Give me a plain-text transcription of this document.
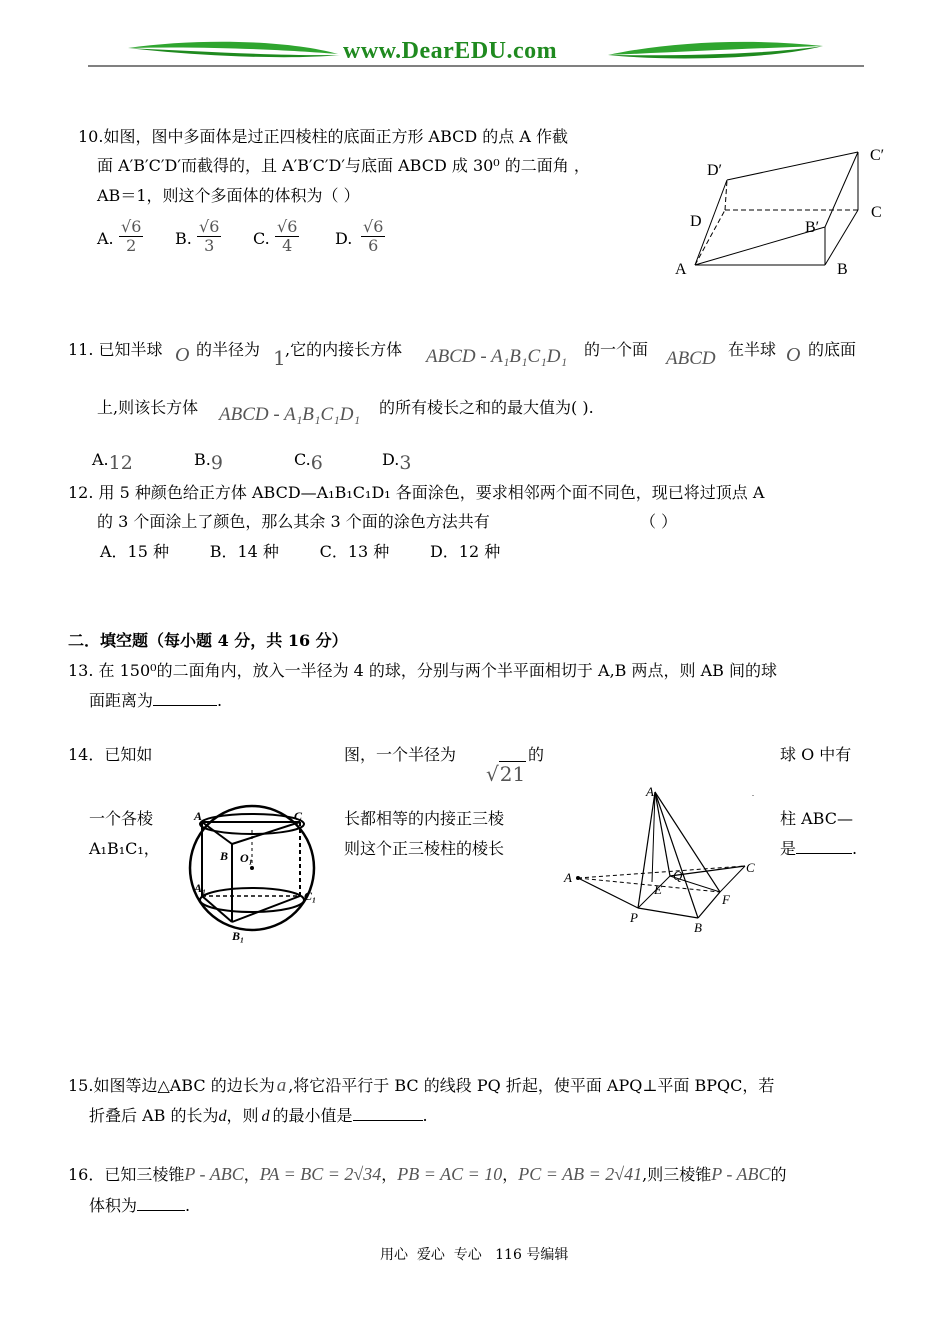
www.DearEDU.com
10.如图，图中多面体是过正四棱柱的底面正方形 ABCD 的点 A 作截
面 A′B′C′D′而截得的，且 A′B′C′D′与底面 ABCD 成 30⁰ 的二面角 ，
AB＝1，则这个多面体的体积为（ ）
A. $\frac{√6}{2} B$. $\frac{√6}{3} C$. $\frac{√6}{4} D$. $\frac{√6}{6}$
D′
C′
D
C
B′
A	B
11. 已知半球 O 的半径为 1 ,它的内接长方体 ABCD - A₁B₁C₁D₁ 的一个面 ABCD 在半球 O 的底面
上,则该长方体 ABCD - A₁B₁C₁D₁ 的所有棱长之和的最大值为( ).
A.12	B.9	C.6	D.3
12. 用 5 种颜色给正方体 ABCD—A₁B₁C₁D₁ 各面涂色，要求相邻两个面不同色，现已将过顶点 A
的 3 个面涂上了颜色，那么其余 3 个面的涂色方法共有	（ ）
A．15 种        B．14 种        C．13 种        D．12 种
二．填空题（每小题 4 分，共 16 分）
13. 在 150⁰的二面角内，放入一半径为 4 的球，分别与两个半平面相切于 A,B 两点，则 AB 间的球
面距离为	.
14．已知如	图，一个半径为
√21
的	球 O 中有
一个各棱	长都相等的内接正三棱	柱 ABC—
A₁B₁C₁，	则这个正三棱柱的棱长	是	.
A	C
B O₁
A₁
C₁
B₁
A
A
C
Q
E
F
P
B
.
15.如图等边△ABC 的边长为 a ,将它沿平行于 BC 的线段 PQ 折起，使平面 APQ⊥平面 BPQC，若
折叠后 AB 的长为d，则 d 的最小值是	.
16．已知三棱锥P - ABC，PA = BC = 2√34，PB = AC = 10，PC = AB = 2√41,则三棱锥P - ABC的
体积为	.
用心  爱心  专心   116 号编辑
